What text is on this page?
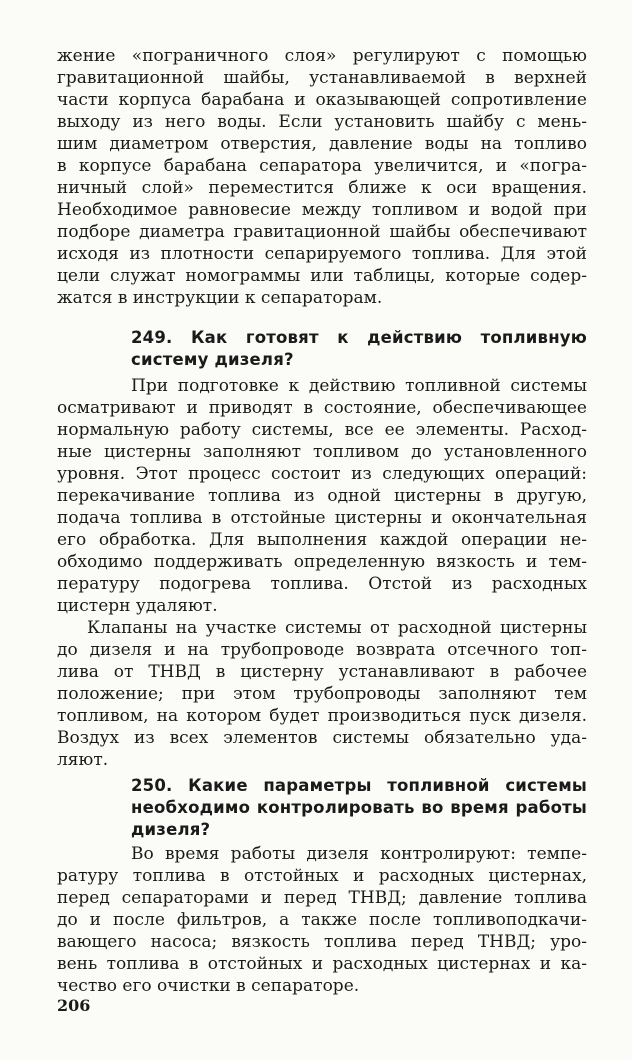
жение «пограничного слоя» регулируют с помощью
гравитационной шайбы, устанавливаемой в верхней
части корпуса барабана и оказывающей сопротивление
выходу из него воды. Если установить шайбу с мень-
шим диаметром отверстия, давление воды на топливо
в корпусе барабана сепаратора увеличится, и «погра-
ничный слой» переместится ближе к оси вращения.
Необходимое равновесие между топливом и водой при
подборе диаметра гравитационной шайбы обеспечивают
исходя из плотности сепарируемого топлива. Для этой
цели служат номограммы или таблицы, которые содер-
жатся в инструкции к сепараторам.
249. Как готовят к действию топливную
систему дизеля?
При подготовке к действию топливной системы
осматривают и приводят в состояние, обеспечивающее
нормальную работу системы, все ее элементы. Расход-
ные цистерны заполняют топливом до установленного
уровня. Этот процесс состоит из следующих операций:
перекачивание топлива из одной цистерны в другую,
подача топлива в отстойные цистерны и окончательная
его обработка. Для выполнения каждой операции не-
обходимо поддерживать определенную вязкость и тем-
пературу подогрева топлива. Отстой из расходных
цистерн удаляют.
Клапаны на участке системы от расходной цистерны
до дизеля и на трубопроводе возврата отсечного топ-
лива от ТНВД в цистерну устанавливают в рабочее
положение; при этом трубопроводы заполняют тем
топливом, на котором будет производиться пуск дизеля.
Воздух из всех элементов системы обязательно уда-
ляют.
250. Какие параметры топливной системы
необходимо контролировать во время работы
дизеля?
Во время работы дизеля контролируют: темпе-
ратуру топлива в отстойных и расходных цистернах,
перед сепараторами и перед ТНВД; давление топлива
до и после фильтров, а также после топливоподкачи-
вающего насоса; вязкость топлива перед ТНВД; уро-
вень топлива в отстойных и расходных цистернах и ка-
чество его очистки в сепараторе.
206
